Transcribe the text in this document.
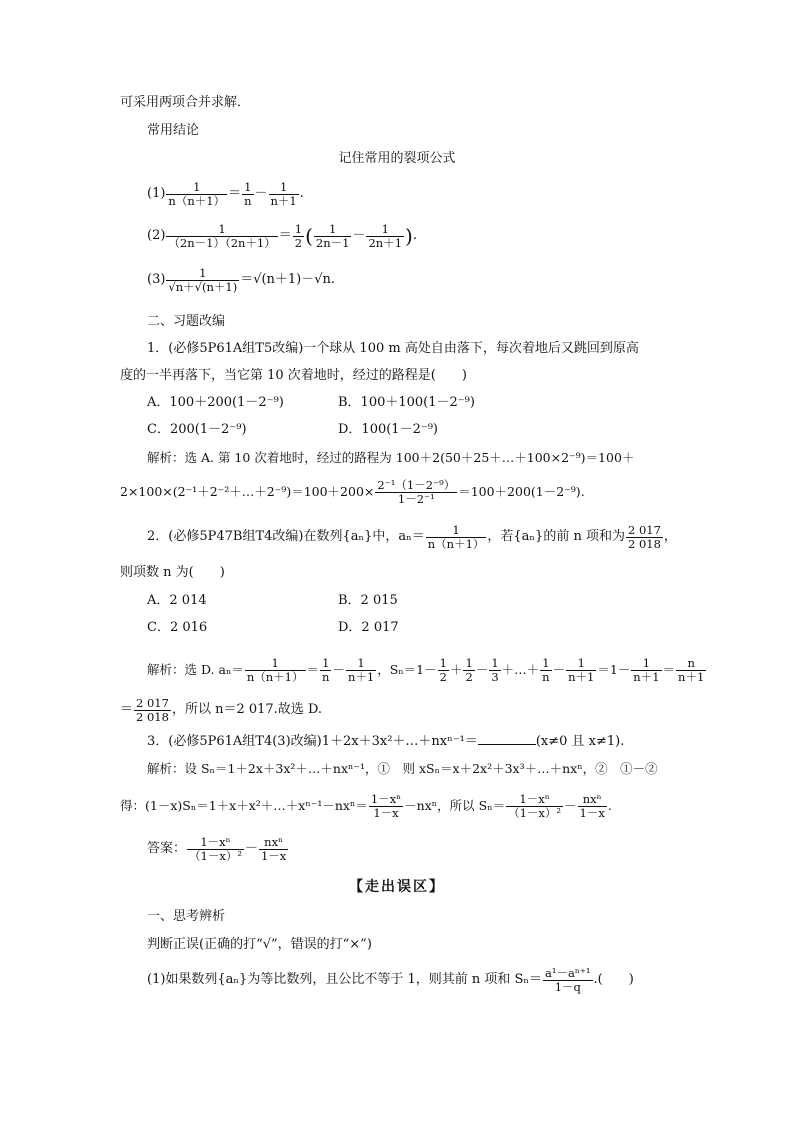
可采用两项合并求解．
常用结论
记住常用的裂项公式
$(1) \frac{1}{n(n+1)} = \frac{1}{n} - \frac{1}{n+1}$ .
$(2) \frac{1}{(2n-1)(2n+1)} = \frac{1}{2}$ ( $\frac{1}{2n-1} - \frac{1}{2n+1}$ ) .
$(3) \frac{1}{√n+√(n+1)} =√(n+1)-√n$.
二、习题改编
1．(必修5P61A组T5改编)一个球从 100 m 高处自由落下，每次着地后又跳回到原高
度的一半再落下，当它第 10 次着地时，经过的路程是(　　)
A．100＋200(1－2⁻⁹)	B．100＋100(1－2⁻⁹)
C．200(1－2⁻⁹)	D．100(1－2⁻⁹)
解析：选 A. 第 10 次着地时，经过的路程为 100＋2(50＋25＋…＋100×2⁻⁹)＝100＋
2×100×(2⁻¹＋2⁻²＋…＋2⁻⁹)＝100＋200× $\frac{\text{2⁻¹（1－2⁻⁹）}}{\text{1－2⁻¹}} =100+200(1-2^{-9})$.
2．(必修5P47B组T4改编)在数列{aₙ}中，$a_n= \frac{1}{n(n+1)}$ ，若{aₙ}的前 n 项和为 $\frac{2 017}{2 018}$ ，
则项数 n 为(　　)
A．2 014	B．2 015
C．2 016	D．2 017
解析：选 D. $a_n= \frac{1}{n(n+1)} = \frac{1}{n} - \frac{1}{n+1}$ ， $S_n=1- \frac{1}{2} + \frac{1}{2} - \frac{1}{3}$ ＋…＋ $\frac{1}{n} - \frac{1}{n+1} =1- \frac{1}{n+1} = \frac{n}{n+1}$
＝ $\frac{2 017}{2 018}$ ，所以 n＝2 017.故选 D.
3．(必修5P61A组T4(3)改编)1＋2x＋3x²＋…＋nxⁿ⁻¹＝	(x≠0 且 x≠1).
解析：设 Sₙ＝1＋2x＋3x²＋…＋nxⁿ⁻¹，①　则 xSₙ＝x＋2x²＋3x³＋…＋nxⁿ，②　①－②
得：(1－x)Sₙ＝1＋x＋x²＋…＋xⁿ⁻¹－nxⁿ＝ $\frac{\text{1－xⁿ}}{1-x} -nx^n$，所以 $S_n= \frac{\text{1－xⁿ}}{\text{（1－x）²}} - \frac{\text{nxⁿ}}{1-x}$ .
答案： $\frac{\text{1－xⁿ}}{\text{（1－x）²}} - \frac{\text{nxⁿ}}{1-x}$
【走出误区】
一、思考辨析
判断正误(正确的打“√”，错误的打“×”)
(1)如果数列{aₙ}为等比数列，且公比不等于 1，则其前 n 项和 $S_n= \frac{\text{a¹－aⁿ⁺¹}}{1-q}$ .(　　)
